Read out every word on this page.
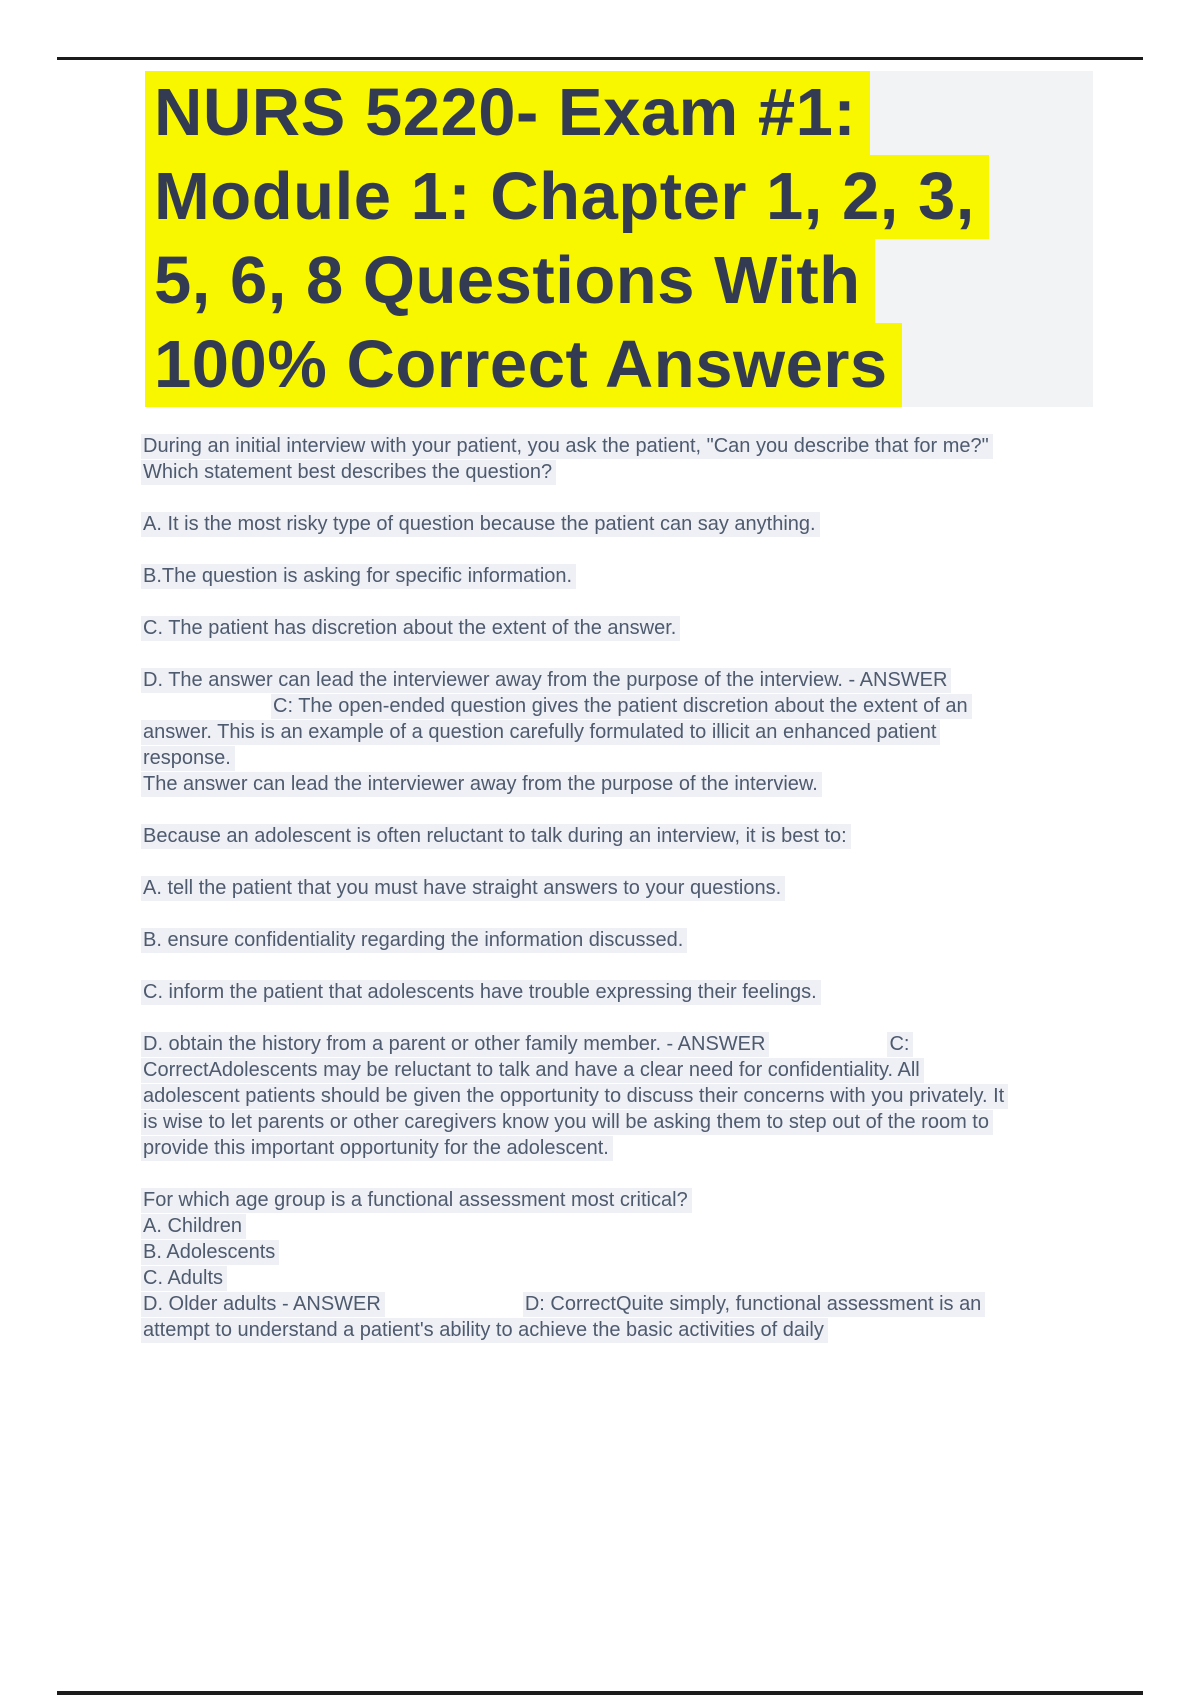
NURS 5220- Exam #1:
Module 1: Chapter 1, 2, 3,
5, 6, 8 Questions With
100% Correct Answers

During an initial interview with your patient, you ask the patient, "Can you describe that for me?" Which statement best describes the question?

A. It is the most risky type of question because the patient can say anything.

B.The question is asking for specific information.

C. The patient has discretion about the extent of the answer.

D. The answer can lead the interviewer away from the purpose of the interview. - ANSWERC: The open-ended question gives the patient discretion about the extent of an answer. This is an example of a question carefully formulated to illicit an enhanced patient response.
The answer can lead the interviewer away from the purpose of the interview.

Because an adolescent is often reluctant to talk during an interview, it is best to:

A. tell the patient that you must have straight answers to your questions.

B. ensure confidentiality regarding the information discussed.

C. inform the patient that adolescents have trouble expressing their feelings.

D. obtain the history from a parent or other family member. - ANSWER	C: CorrectAdolescents may be reluctant to talk and have a clear need for confidentiality. All adolescent patients should be given the opportunity to discuss their concerns with you privately. It is wise to let parents or other caregivers know you will be asking them to step out of the room to provide this important opportunity for the adolescent.

For which age group is a functional assessment most critical?
A. Children
B. Adolescents
C. Adults
D. Older adults - ANSWER	D: CorrectQuite simply, functional assessment is an attempt to understand a patient's ability to achieve the basic activities of daily
